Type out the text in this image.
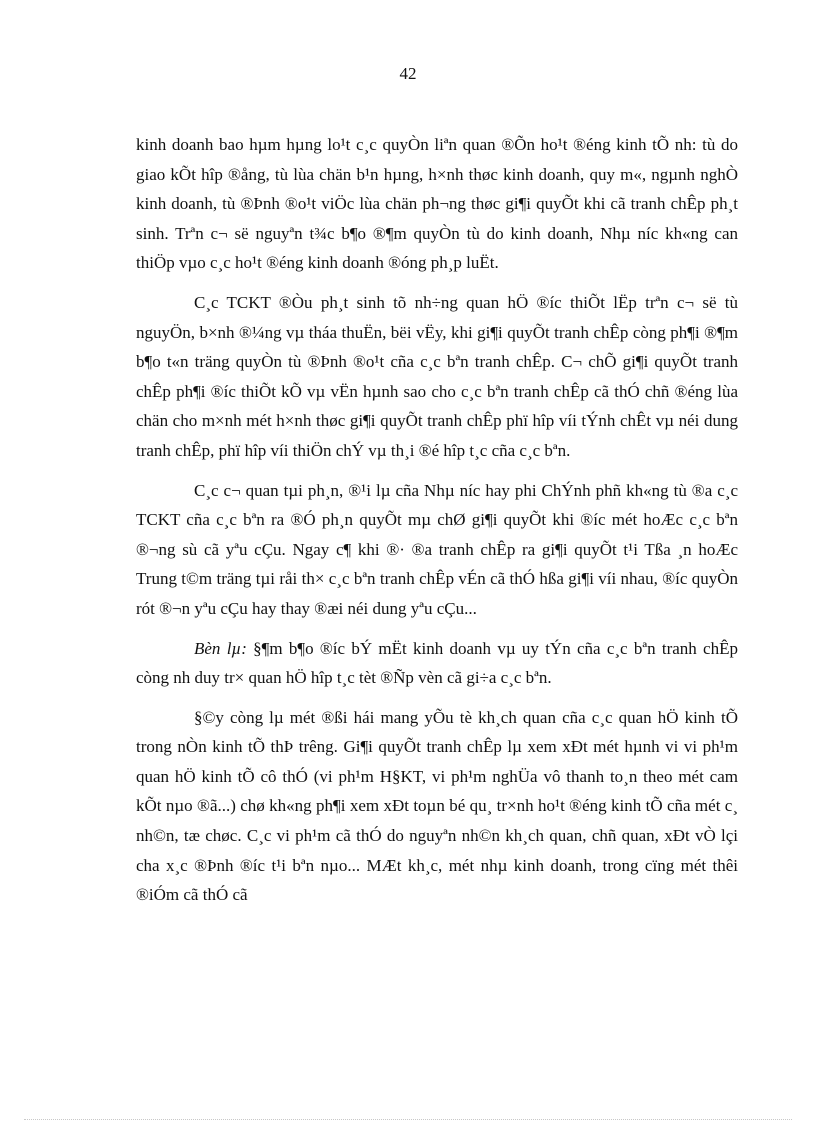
42

kinh doanh bao hµm hµng lo¹t c¸c quyÒn liªn quan ®Õn ho¹t ®éng kinh tÕ nh: tù do giao kÕt hîp ®ång, tù lùa chän b¹n hµng, h×nh thøc kinh doanh, quy m«, ngµnh nghÒ kinh doanh, tù ®Þnh ®o¹t viÖc lùa chän ph¬ng thøc gi¶i quyÕt khi cã tranh chÊp ph¸t sinh. Trªn c¬ së nguyªn t¾c b¶o ®¶m quyÒn tù do kinh doanh, Nhµ níc kh«ng can thiÖp vµo c¸c ho¹t ®éng kinh doanh ®óng ph¸p luËt.

C¸c TCKT ®Òu ph¸t sinh tõ nh÷ng quan hÖ ®íc thiÕt lËp trªn c¬ së tù nguyÖn, b×nh ®¼ng vµ tháa thuËn, bëi vËy, khi gi¶i quyÕt tranh chÊp còng ph¶i ®¶m b¶o t«n träng quyÒn tù ®Þnh ®o¹t cña c¸c bªn tranh chÊp. C¬ chÕ gi¶i quyÕt tranh chÊp ph¶i ®íc thiÕt kÕ vµ vËn hµnh sao cho c¸c bªn tranh chÊp cã thÓ chñ ®éng lùa chän cho m×nh mét h×nh thøc gi¶i quyÕt tranh chÊp phï hîp víi tÝnh chÊt vµ néi dung tranh chÊp, phï hîp víi thiÖn chÝ vµ th¸i ®é hîp t¸c cña c¸c bªn.

C¸c c¬ quan tµi ph¸n, ®¹i lµ cña Nhµ níc hay phi ChÝnh phñ kh«ng tù ®a c¸c TCKT cña c¸c bªn ra ®Ó ph¸n quyÕt mµ chØ gi¶i quyÕt khi ®íc mét hoÆc c¸c bªn ®¬ng sù cã yªu cÇu. Ngay c¶ khi ®· ®a tranh chÊp ra gi¶i quyÕt t¹i Tßa ¸n hoÆc Trung t©m träng tµi råi th× c¸c bªn tranh chÊp vÉn cã thÓ hßa gi¶i víi nhau, ®íc quyÒn rót ®¬n yªu cÇu hay thay ®æi néi dung yªu cÇu...

Bèn lµ: §¶m b¶o ®íc bÝ mËt kinh doanh vµ uy tÝn cña c¸c bªn tranh chÊp còng nh duy tr× quan hÖ hîp t¸c tèt ®Ñp vèn cã gi÷a c¸c bªn.

§©y còng lµ mét ®ßi hái mang yÕu tè kh¸ch quan cña c¸c quan hÖ kinh tÕ trong nÒn kinh tÕ thÞ trêng. Gi¶i quyÕt tranh chÊp lµ xem xÐt mét hµnh vi vi ph¹m quan hÖ kinh tÕ cô thÓ (vi ph¹m H§KT, vi ph¹m nghÜa vô thanh to¸n theo mét cam kÕt nµo ®ã...) chø kh«ng ph¶i xem xÐt toµn bé qu¸ tr×nh ho¹t ®éng kinh tÕ cña mét c¸ nh©n, tæ chøc. C¸c vi ph¹m cã thÓ do nguyªn nh©n kh¸ch quan, chñ quan, xÐt vÒ lçi cha x¸c ®Þnh ®íc t¹i bªn nµo... MÆt kh¸c, mét nhµ kinh doanh, trong cïng mét thêi ®iÓm cã thÓ cã
